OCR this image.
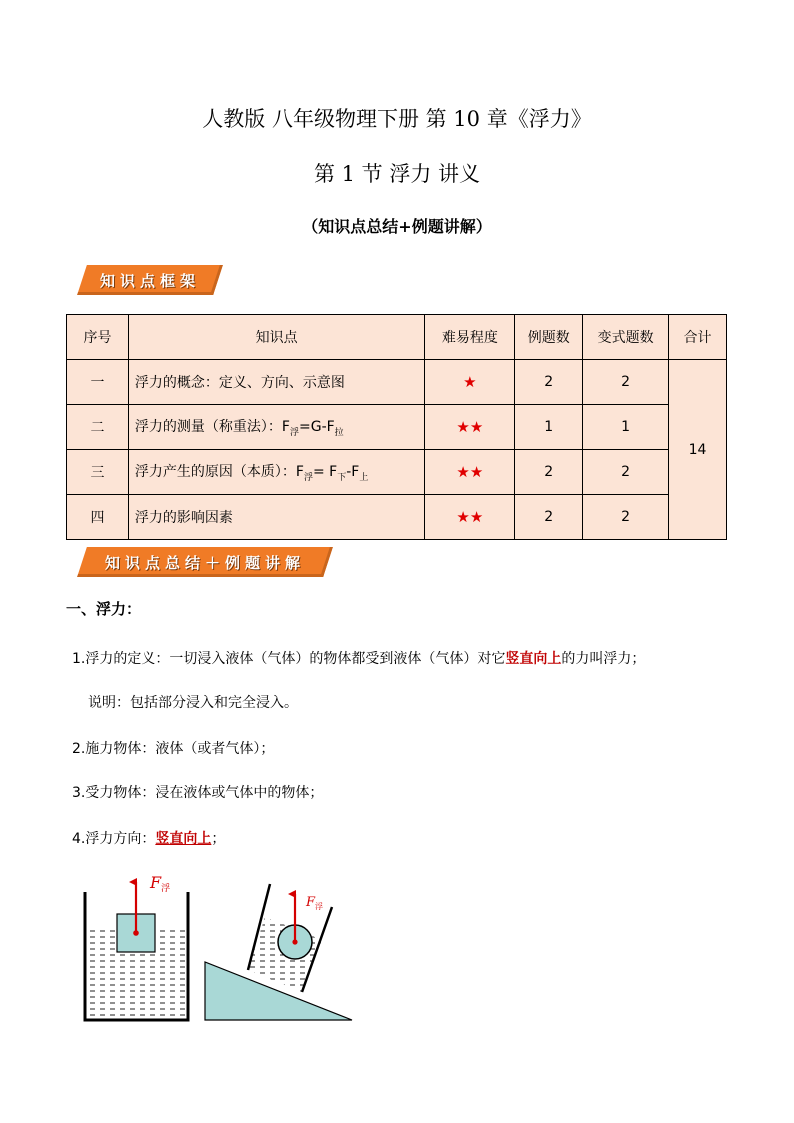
人教版 八年级物理下册 第 10 章《浮力》
第 1 节 浮力 讲义
（知识点总结+例题讲解）
知识点框架
序号	知识点	难易程度	例题数	变式题数	合计
一	浮力的概念：定义、方向、示意图	★	2	2	14
二	浮力的测量（称重法）：$F_浮=G-F_拉$	★★	1	1	
三	浮力产生的原因（本质）：$F_浮= F_下-F_上$	★★	2	2	
四	浮力的影响因素	★★	2	2	
知识点总结＋例题讲解
一、浮力：
1.浮力的定义：一切浸入液体（气体）的物体都受到液体（气体）对它竖直向上的力叫浮力；
说明：包括部分浸入和完全浸入。
2.施力物体：液体（或者气体）；
3.受力物体：浸在液体或气体中的物体；
4.浮力方向：竖直向上；
F浮
$F_浮$
